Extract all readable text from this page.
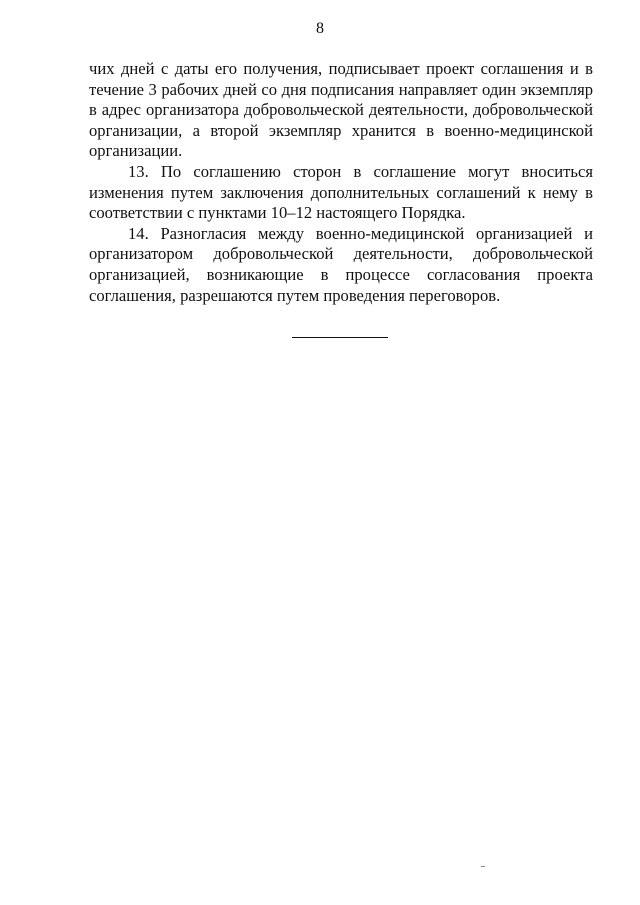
8

чих дней с даты его получения, подписывает проект соглашения и в течение 3 рабочих дней со дня подписания направляет один экземпляр в адрес организатора добровольческой деятельности, добровольческой организации, а второй экземпляр хранится в военно-медицинской организации.

13. По соглашению сторон в соглашение могут вноситься изменения путем заключения дополнительных соглашений к нему в соответствии с пунктами 10–12 настоящего Порядка.

14. Разногласия между военно-медицинской организацией и организатором добровольческой деятельности, добровольческой организацией, возникающие в процессе согласования проекта соглашения, разрешаются путем проведения переговоров.
